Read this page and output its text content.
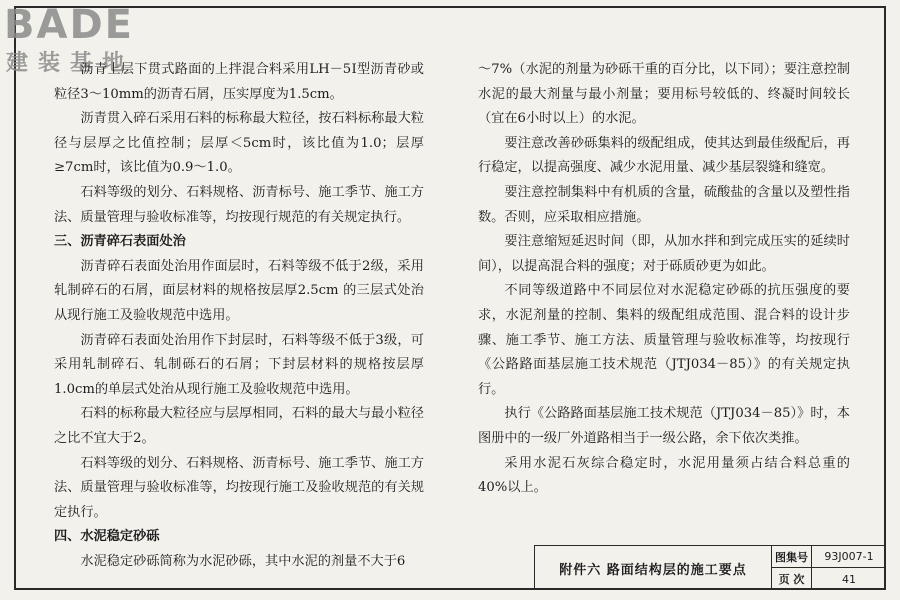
BADE
建装基地

沥青上层下贯式路面的上拌混合料采用LH－5Ⅰ型沥青砂或粒径3～10mm的沥青石屑，压实厚度为1.5cm。

沥青贯入碎石采用石料的标称最大粒径，按石料标称最大粒径与层厚之比值控制；层厚＜5cm时，该比值为1.0；层厚≥7cm时，该比值为0.9～1.0。

石料等级的划分、石料规格、沥青标号、施工季节、施工方法、质量管理与验收标准等，均按现行规范的有关规定执行。

三、沥青碎石表面处治

沥青碎石表面处治用作面层时，石料等级不低于2级，采用轧制碎石的石屑，面层材料的规格按层厚2.5cm 的三层式处治从现行施工及验收规范中选用。

沥青碎石表面处治用作下封层时，石料等级不低于3级，可采用轧制碎石、轧制砾石的石屑；下封层材料的规格按层厚1.0cm的单层式处治从现行施工及验收规范中选用。

石料的标称最大粒径应与层厚相同，石料的最大与最小粒径之比不宜大于2。

石料等级的划分、石料规格、沥青标号、施工季节、施工方法、质量管理与验收标准等，均按现行施工及验收规范的有关规定执行。

四、水泥稳定砂砾

水泥稳定砂砾简称为水泥砂砾，其中水泥的剂量不大于6

～7%（水泥的剂量为砂砾干重的百分比，以下同）；要注意控制水泥的最大剂量与最小剂量；要用标号较低的、终凝时间较长（宜在6小时以上）的水泥。

要注意改善砂砾集料的级配组成，使其达到最佳级配后，再行稳定，以提高强度、减少水泥用量、减少基层裂缝和缝宽。

要注意控制集料中有机质的含量，硫酸盐的含量以及塑性指数。否则，应采取相应措施。

要注意缩短延迟时间（即，从加水拌和到完成压实的延续时间），以提高混合料的强度；对于砾质砂更为如此。

不同等级道路中不同层位对水泥稳定砂砾的抗压强度的要求，水泥剂量的控制、集料的级配组成范围、混合料的设计步骤、施工季节、施工方法、质量管理与验收标准等，均按现行《公路路面基层施工技术规范（JTJ034－85）》的有关规定执行。

执行《公路路面基层施工技术规范（JTJ034－85）》时，本图册中的一级厂外道路相当于一级公路，余下依次类推。

采用水泥石灰综合稳定时，水泥用量须占结合料总重的40%以上。

附件六 路面结构层的施工要点
图集号	93J007-1
页 次	41
